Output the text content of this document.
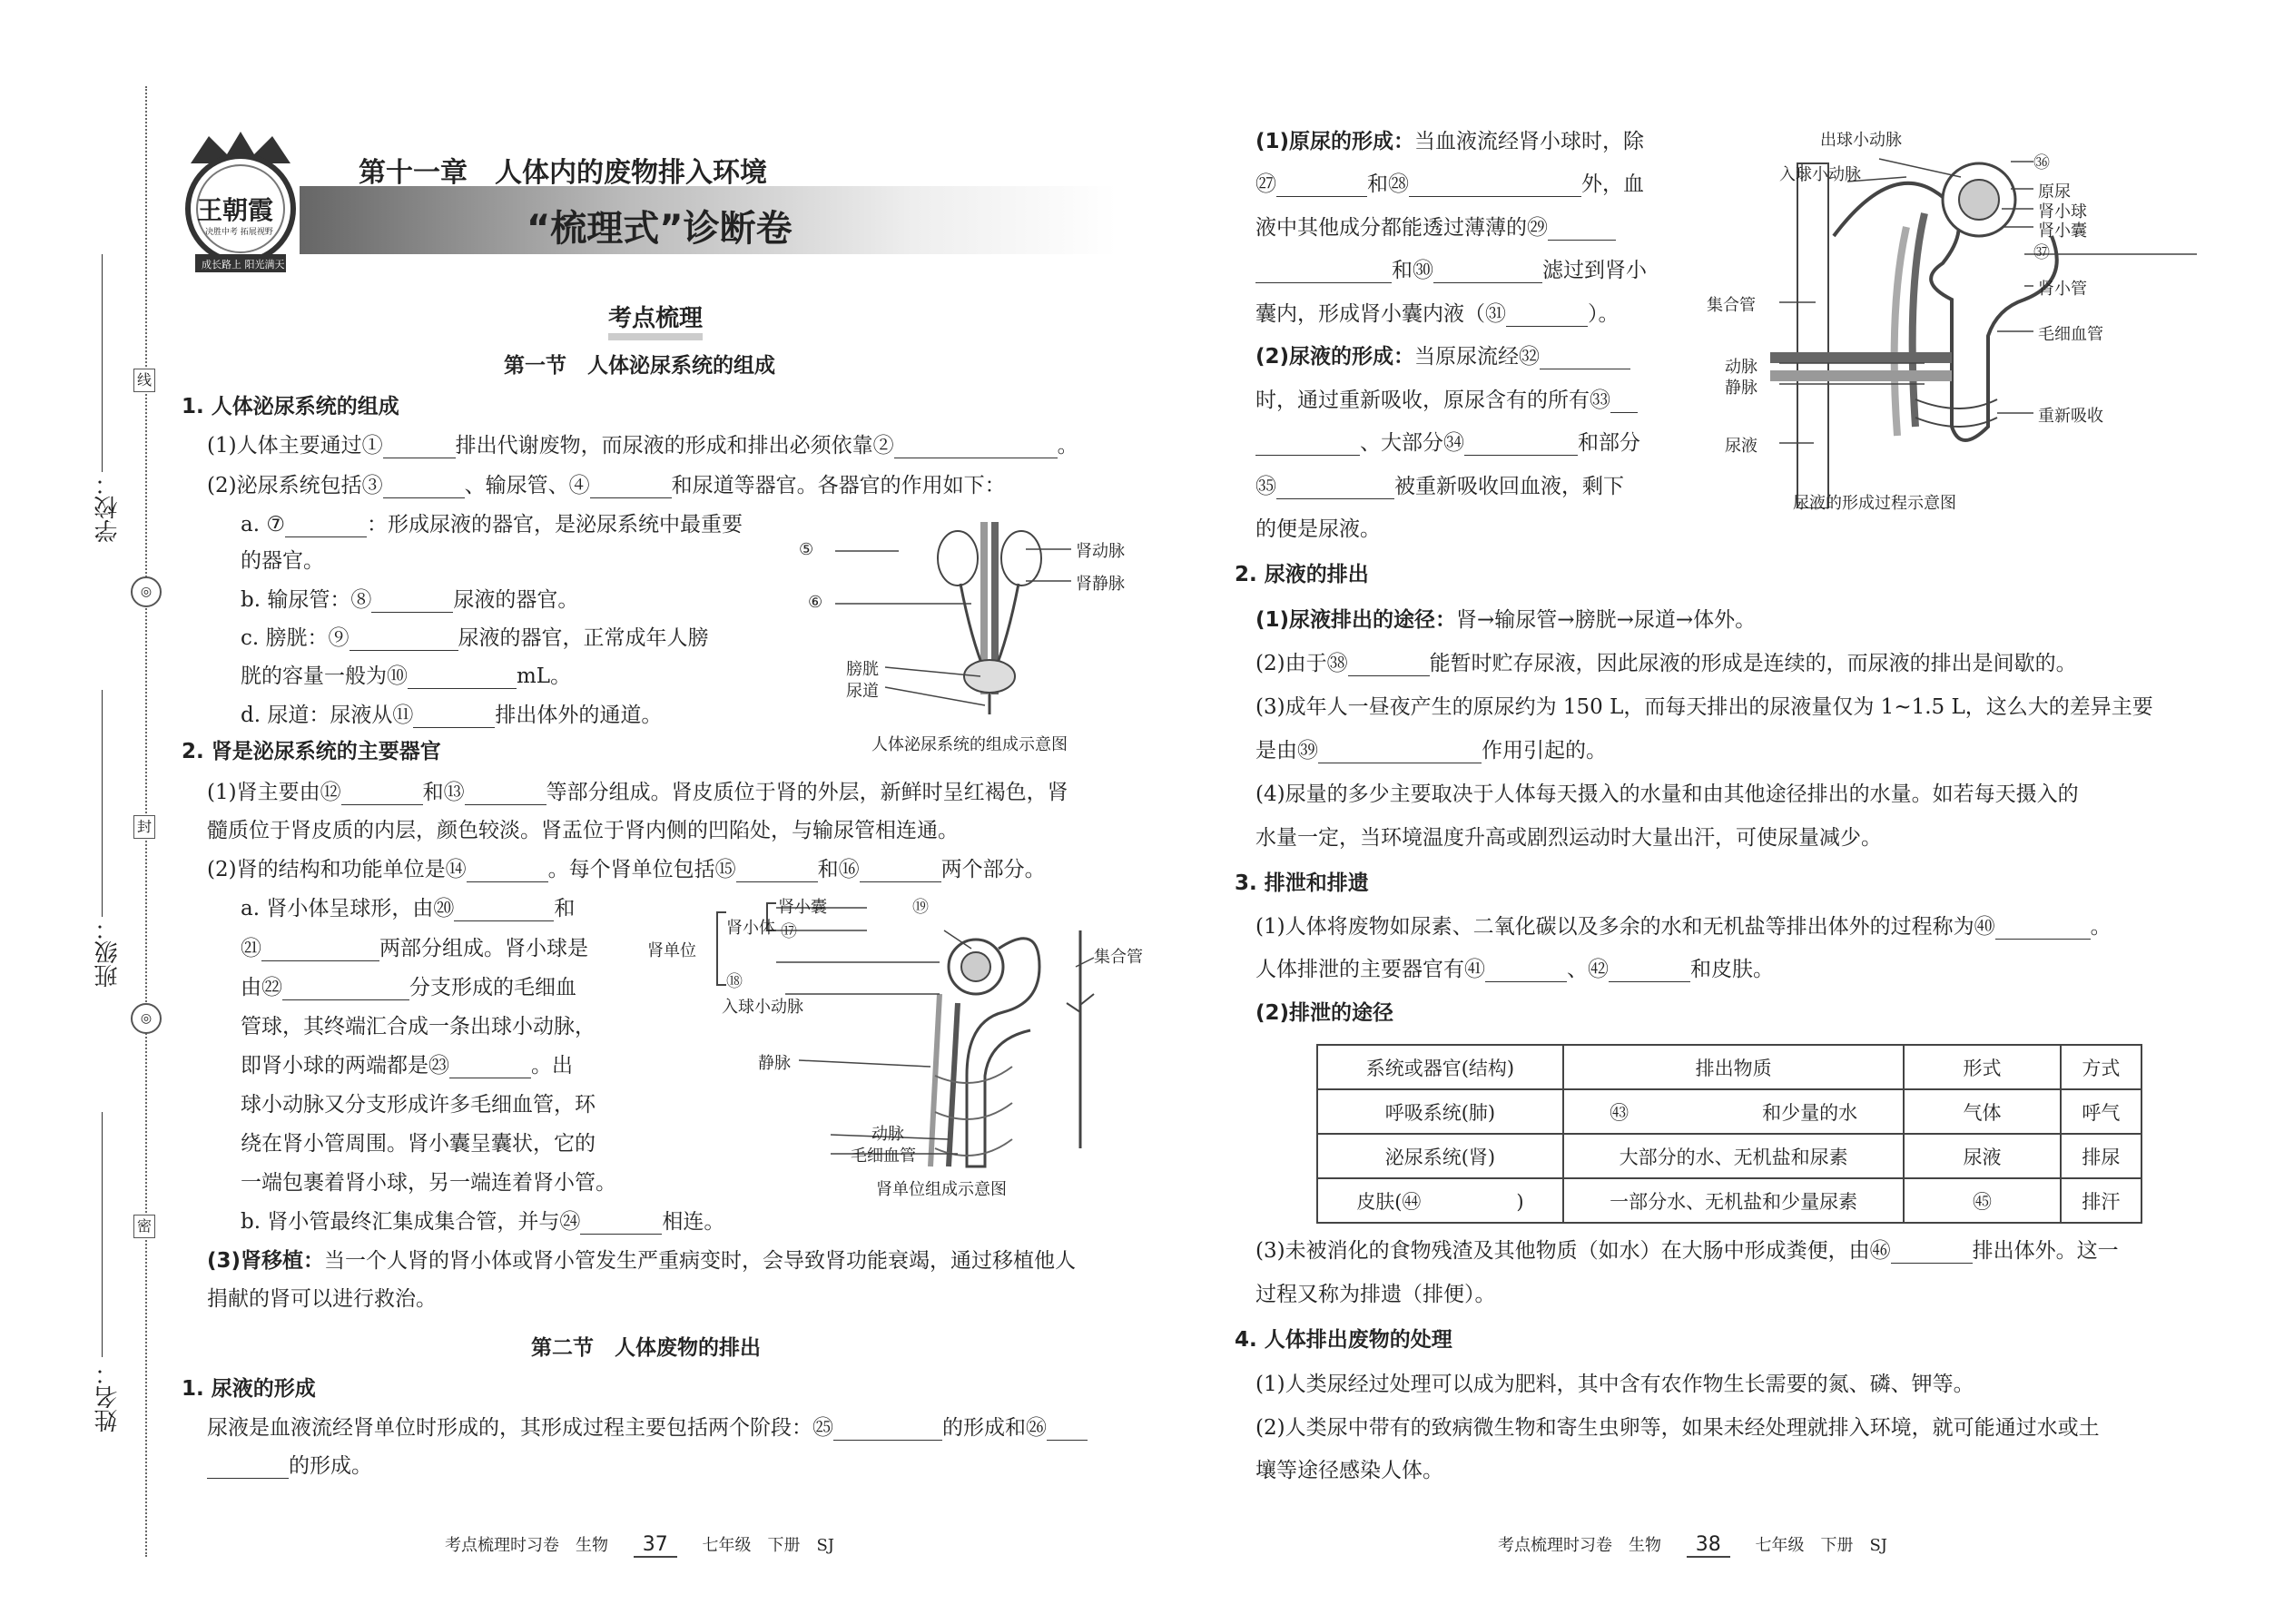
学校：
班级：
姓名：
线
封
密
◎
◎
王朝霞
决胜中考 拓展视野
成长路上 阳光满天
第十一章　人体内的废物排入环境
“梳理式”诊断卷
考点梳理
第一节　人体泌尿系统的组成
1. 人体泌尿系统的组成
(1)人体主要通过①	排出代谢废物，而尿液的形成和排出必须依靠②	。
(2)泌尿系统包括③	、输尿管、④	和尿道等器官。各器官的作用如下：
a. ⑦	：形成尿液的器官，是泌尿系统中最重要
的器官。
b. 输尿管：⑧	尿液的器官。
c. 膀胱：⑨	尿液的器官，正常成年人膀
胱的容量一般为⑩	mL。
d. 尿道：尿液从⑪	排出体外的通道。
⑤
⑥
肾动脉
肾静脉
膀胱
尿道
人体泌尿系统的组成示意图
2. 肾是泌尿系统的主要器官
(1)肾主要由⑫	和⑬	等部分组成。肾皮质位于肾的外层，新鲜时呈红褐色，肾
髓质位于肾皮质的内层，颜色较淡。肾盂位于肾内侧的凹陷处，与输尿管相连通。
(2)肾的结构和功能单位是⑭	。每个肾单位包括⑮	和⑯	两个部分。
a. 肾小体呈球形，由⑳	和
㉑	两部分组成。肾小球是
由㉒	分支形成的毛细血
管球，其终端汇合成一条出球小动脉，
即肾小球的两端都是㉓	。出
球小动脉又分支形成许多毛细血管，环
绕在肾小管周围。肾小囊呈囊状，它的
一端包裹着肾小球，另一端连着肾小管。
b. 肾小管最终汇集成集合管，并与㉔	相连。
肾单位
肾小体
肾小囊
⑰
⑱
⑲
入球小动脉
集合管
静脉
动脉
毛细血管
肾单位组成示意图
(3)肾移植：当一个人肾的肾小体或肾小管发生严重病变时，会导致肾功能衰竭，通过移植他人
捐献的肾可以进行救治。
第二节　人体废物的排出
1. 尿液的形成
尿液是血液流经肾单位时形成的，其形成过程主要包括两个阶段：㉕	的形成和㉖
的形成。
(1)原尿的形成：当血液流经肾小球时，除
㉗	和㉘	外，血
液中其他成分都能透过薄薄的㉙
和㉚	滤过到肾小
囊内，形成肾小囊内液（㉛	）。
(2)尿液的形成：当原尿流经㉜
时，通过重新吸收，原尿含有的所有㉝
、大部分㉞	和部分
㉟	被重新吸收回血液，剩下
的便是尿液。
出球小动脉
入球小动脉
㊱
原尿
肾小球
肾小囊
㊲
肾小管
集合管
毛细血管
动脉
静脉
重新吸收
尿液
尿液的形成过程示意图
2. 尿液的排出
(1)尿液排出的途径：肾→输尿管→膀胱→尿道→体外。
(2)由于㊳	能暂时贮存尿液，因此尿液的形成是连续的，而尿液的排出是间歇的。
(3)成年人一昼夜产生的原尿约为 150 L，而每天排出的尿液量仅为 1~1.5 L，这么大的差异主要
是由㊴	作用引起的。
(4)尿量的多少主要取决于人体每天摄入的水量和由其他途径排出的水量。如若每天摄入的
水量一定，当环境温度升高或剧烈运动时大量出汗，可使尿量减少。
3. 排泄和排遗
(1)人体将废物如尿素、二氧化碳以及多余的水和无机盐等排出体外的过程称为㊵	。
人体排泄的主要器官有㊶	、㊷	和皮肤。
(2)排泄的途径
系统或器官(结构)	排出物质	形式	方式
呼吸系统(肺)	㊸　　　　　　　和少量的水	气体	呼气
泌尿系统(肾)	大部分的水、无机盐和尿素	尿液	排尿
皮肤(㊹　　　　　)	一部分水、无机盐和少量尿素	㊺　　　　　	排汗
(3)未被消化的食物残渣及其他物质（如水）在大肠中形成粪便，由㊻	排出体外。这一
过程又称为排遗（排便）。
4. 人体排出废物的处理
(1)人类尿经过处理可以成为肥料，其中含有农作物生长需要的氮、磷、钾等。
(2)人类尿中带有的致病微生物和寄生虫卵等，如果未经处理就排入环境，就可能通过水或土
壤等途径感染人体。
考点梳理时习卷　生物 37 七年级　下册　SJ	考点梳理时习卷　生物 38 七年级　下册　SJ
